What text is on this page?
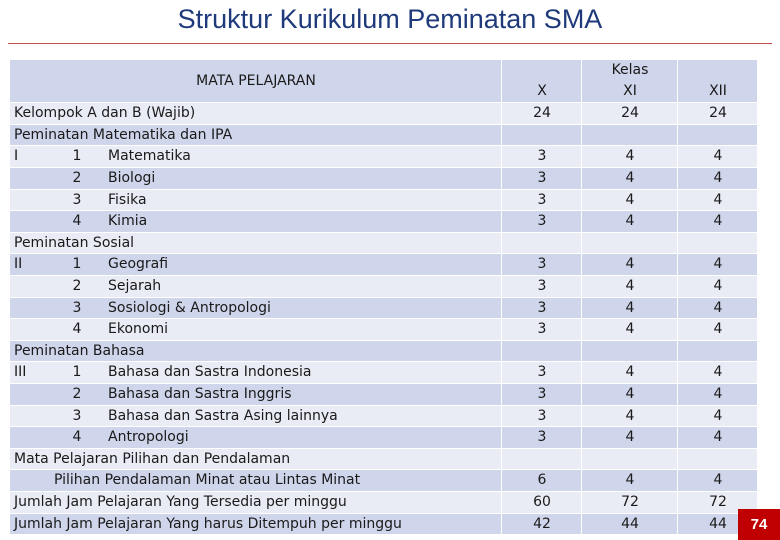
Struktur Kurikulum Peminatan SMA
MATA PELAJARAN
Kelas
X	XI	XII
Kelompok A dan B (Wajib)	24	24	24
Peminatan Matematika dan IPA
I	1	Matematika	3	4	4
2	Biologi	3	4	4
3	Fisika	3	4	4
4	Kimia	3	4	4
Peminatan Sosial
II	1	Geografi	3	4	4
2	Sejarah	3	4	4
3	Sosiologi & Antropologi	3	4	4
4	Ekonomi	3	4	4
Peminatan Bahasa
III	1	Bahasa dan Sastra Indonesia	3	4	4
2	Bahasa dan Sastra Inggris	3	4	4
3	Bahasa dan Sastra Asing lainnya	3	4	4
4	Antropologi	3	4	4
Mata Pelajaran Pilihan dan Pendalaman
Pilihan Pendalaman Minat atau Lintas Minat	6	4	4
Jumlah Jam Pelajaran Yang Tersedia per minggu	60	72	72
Jumlah Jam Pelajaran Yang harus Ditempuh per minggu	42	44	44	74
